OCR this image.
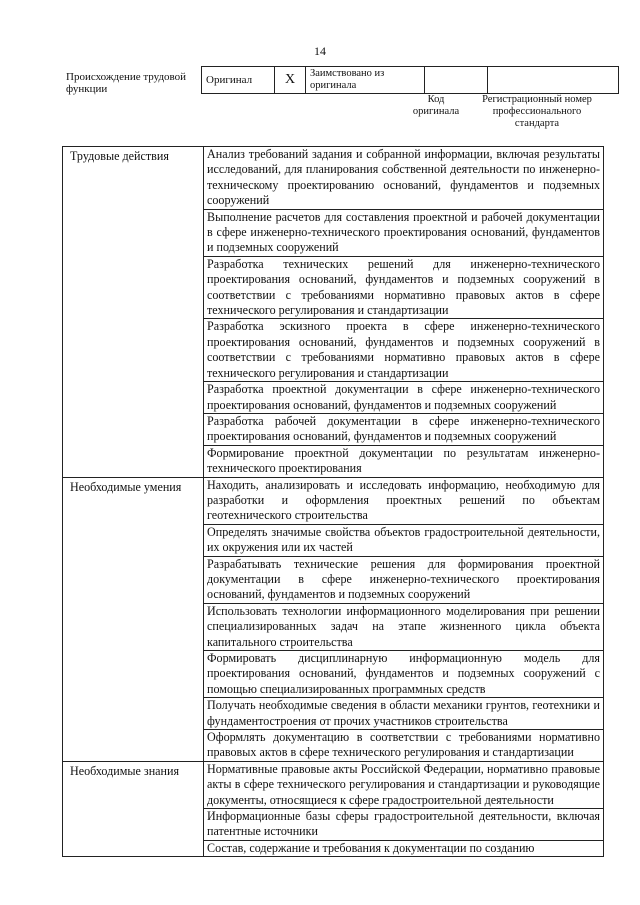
14
Происхождение трудовой функции
Оригинал	X	Заимствовано из оригинала		
Код оригинала
Регистрационный номер профессионального стандарта
Трудовые действия	Анализ требований задания и собранной информации, включая результаты исследований, для планирования собственной деятельности по инженерно-техническому проектированию оснований, фундаментов и подземных сооружений
	Выполнение расчетов для составления проектной и рабочей документации в сфере инженерно-технического проектирования оснований, фундаментов и подземных сооружений
	Разработка технических решений для инженерно-технического проектирования оснований, фундаментов и подземных сооружений в соответствии с требованиями нормативно правовых актов в сфере технического регулирования и стандартизации
	Разработка эскизного проекта в сфере инженерно-технического проектирования оснований, фундаментов и подземных сооружений в соответствии с требованиями нормативно правовых актов в сфере технического регулирования и стандартизации
	Разработка проектной документации в сфере инженерно-технического проектирования оснований, фундаментов и подземных сооружений
	Разработка рабочей документации в сфере инженерно-технического проектирования оснований, фундаментов и подземных сооружений
	Формирование проектной документации по результатам инженерно-технического проектирования
Необходимые умения	Находить, анализировать и исследовать информацию, необходимую для разработки и оформления проектных решений по объектам геотехнического строительства
	Определять значимые свойства объектов градостроительной деятельности, их окружения или их частей
	Разрабатывать технические решения для формирования проектной документации в сфере инженерно-технического проектирования оснований, фундаментов и подземных сооружений
	Использовать технологии информационного моделирования при решении специализированных задач на этапе жизненного цикла объекта капитального строительства
	Формировать дисциплинарную информационную модель для проектирования оснований, фундаментов и подземных сооружений с помощью специализированных программных средств
	Получать необходимые сведения в области механики грунтов, геотехники и фундаментостроения от прочих участников строительства
	Оформлять документацию в соответствии с требованиями нормативно правовых актов в сфере технического регулирования и стандартизации
Необходимые знания	Нормативные правовые акты Российской Федерации, нормативно правовые акты в сфере технического регулирования и стандартизации и руководящие документы, относящиеся к сфере градостроительной деятельности
	Информационные базы сферы градостроительной деятельности, включая патентные источники
	Состав, содержание и требования к документации по созданию
